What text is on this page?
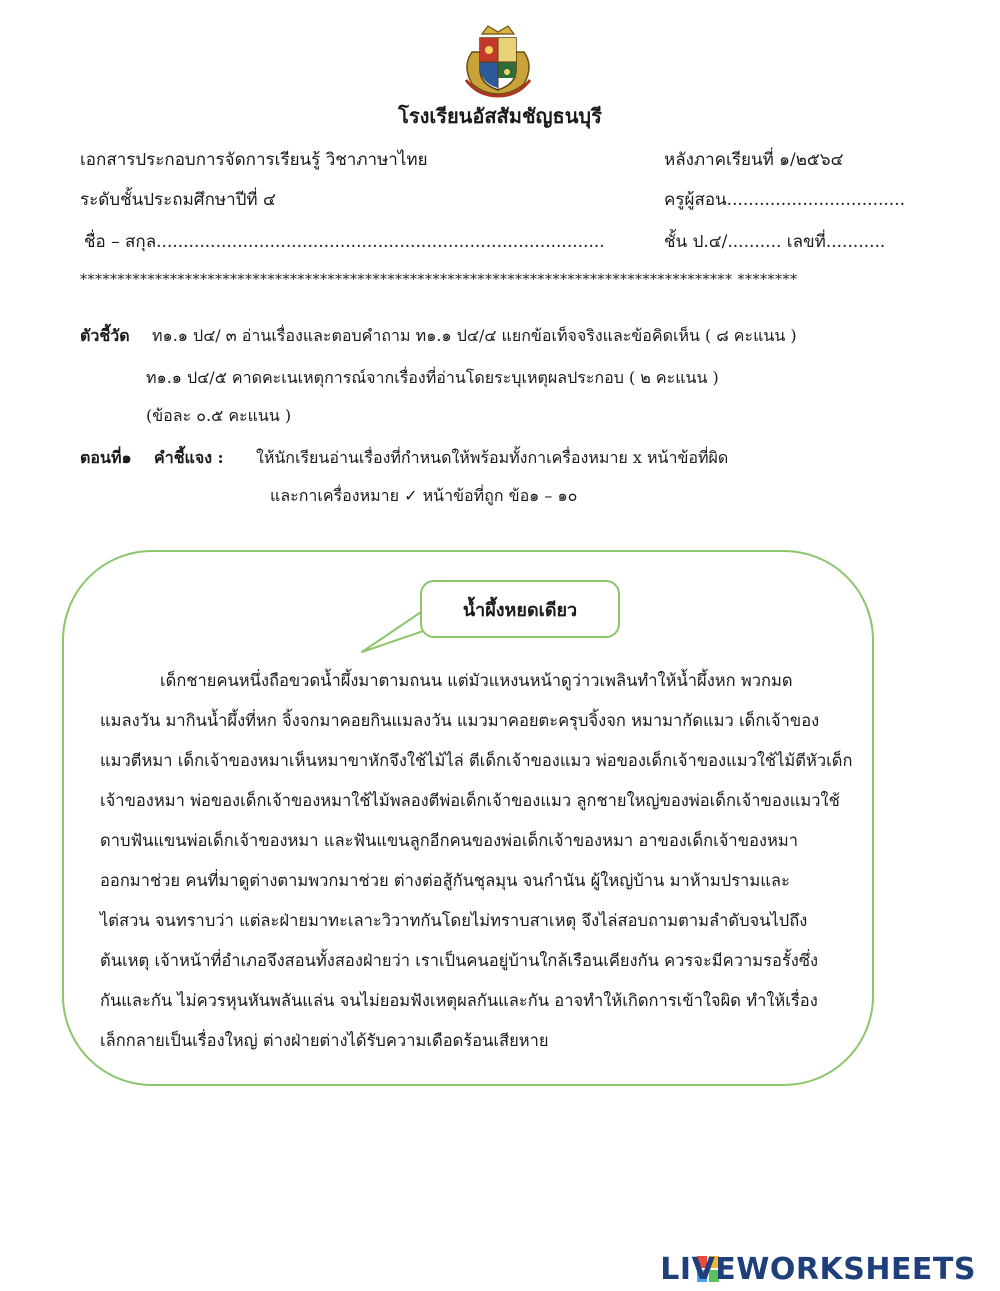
โรงเรียนอัสสัมชัญธนบุรี
เอกสารประกอบการจัดการเรียนรู้ วิชาภาษาไทย
ระดับชั้นประถมศึกษาปีที่ ๔
ชื่อ – สกุล...................................................................................
หลังภาคเรียนที่ ๑/๒๕๖๔
ครูผู้สอน.................................
ชั้น ป.๔/.......... เลขที่...........
*************************************************************************************** ********
ตัวชี้วัด ท๑.๑ ป๔/ ๓ อ่านเรื่องและตอบคำถาม ท๑.๑ ป๔/๔ แยกข้อเท็จจริงและข้อคิดเห็น ( ๘ คะแนน )
ท๑.๑ ป๔/๕ คาดคะเนเหตุการณ์จากเรื่องที่อ่านโดยระบุเหตุผลประกอบ ( ๒ คะแนน )
(ข้อละ ๐.๕ คะแนน )
ตอนที่๑ คำชี้แจง : ให้นักเรียนอ่านเรื่องที่กำหนดให้พร้อมทั้งกาเครื่องหมาย x หน้าข้อที่ผิด
และกาเครื่องหมาย ✓ หน้าข้อที่ถูก ข้อ๑ – ๑๐
น้ำผึ้งหยดเดียว
เด็กชายคนหนึ่งถือขวดน้ำผึ้งมาตามถนน แต่มัวแหงนหน้าดูว่าวเพลินทำให้น้ำผึ้งหก พวกมด
แมลงวัน มากินน้ำผึ้งที่หก จิ้งจกมาคอยกินแมลงวัน แมวมาคอยตะครุบจิ้งจก หมามากัดแมว เด็กเจ้าของ
แมวตีหมา เด็กเจ้าของหมาเห็นหมาขาหักจึงใช้ไม้ไล่ ตีเด็กเจ้าของแมว พ่อของเด็กเจ้าของแมวใช้ไม้ตีหัวเด็ก
เจ้าของหมา พ่อของเด็กเจ้าของหมาใช้ไม้พลองตีพ่อเด็กเจ้าของแมว ลูกชายใหญ่ของพ่อเด็กเจ้าของแมวใช้
ดาบฟันแขนพ่อเด็กเจ้าของหมา และฟันแขนลูกอีกคนของพ่อเด็กเจ้าของหมา อาของเด็กเจ้าของหมา
ออกมาช่วย คนที่มาดูต่างตามพวกมาช่วย ต่างต่อสู้กันชุลมุน จนกำนัน ผู้ใหญ่บ้าน มาห้ามปรามและ
ไต่สวน จนทราบว่า แต่ละฝ่ายมาทะเลาะวิวาทกันโดยไม่ทราบสาเหตุ จึงไล่สอบถามตามลำดับจนไปถึง
ต้นเหตุ เจ้าหน้าที่อำเภอจึงสอนทั้งสองฝ่ายว่า เราเป็นคนอยู่บ้านใกล้เรือนเคียงกัน ควรจะมีความรอรั้งซึ่ง
กันและกัน ไม่ควรหุนหันพลันแล่น จนไม่ยอมฟังเหตุผลกันและกัน อาจทำให้เกิดการเข้าใจผิด ทำให้เรื่อง
เล็กกลายเป็นเรื่องใหญ่ ต่างฝ่ายต่างได้รับความเดือดร้อนเสียหาย
LIVEWORKSHEETS
